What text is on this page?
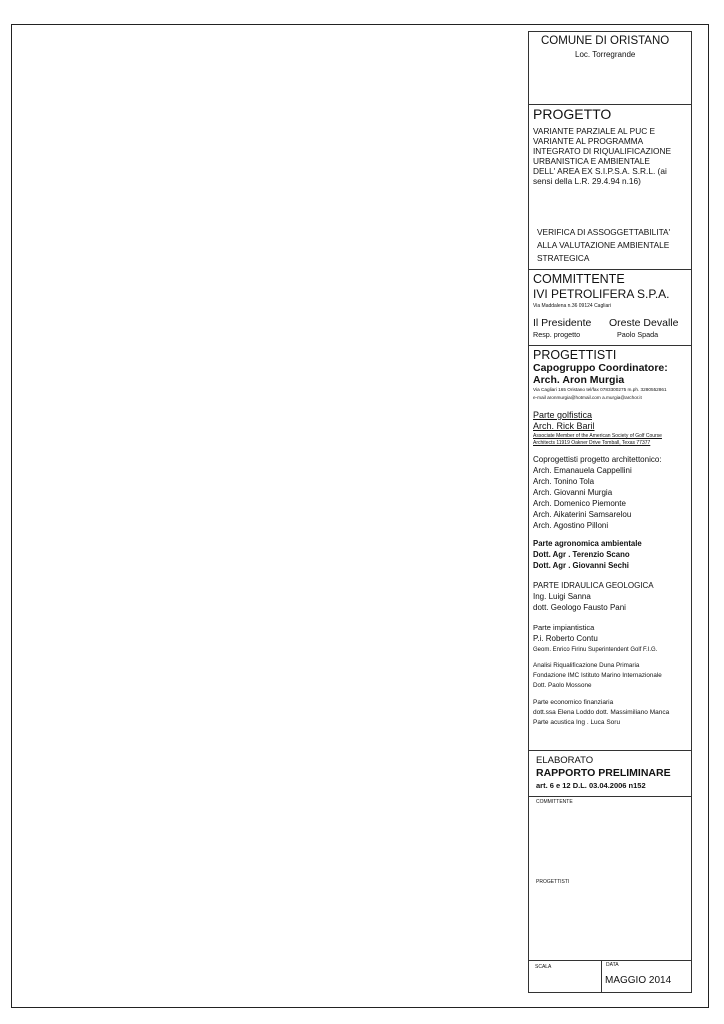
COMUNE DI ORISTANO
Loc. Torregrande
PROGETTO
VARIANTE PARZIALE AL PUC E
VARIANTE AL PROGRAMMA
INTEGRATO DI RIQUALIFICAZIONE
URBANISTICA E AMBIENTALE
DELL' AREA EX S.I.P.S.A. S.R.L. (ai
sensi della L.R. 29.4.94 n.16)
VERIFICA DI ASSOGGETTABILITA'
ALLA VALUTAZIONE AMBIENTALE
STRATEGICA
COMMITTENTE
IVI PETROLIFERA S.P.A.
Via Maddalena n.36 09124 Cagliari
Il Presidente Oreste Devalle
Resp. progetto	Paolo Spada
PROGETTISTI
Capogruppo Coordinatore:
Arch. Aron Murgia
Via Cagliari 165 Oristano tel/fax 0783300275 m.ph. 3280552861
e-mail aronmurgia@hotmail.com a.murgia@archor.it
Parte golfistica
Arch. Rick Baril
Associate Member of the American Society of Golf Course
Architects 11919 Oakner Drive Tomball, Texas 77377
Coprogettisti progetto architettonico:
Arch. Emanauela Cappellini
Arch. Tonino Tola
Arch. Giovanni Murgia
Arch. Domenico Piemonte
Arch. Aikaterini Samsarelou
Arch. Agostino Pilloni
Parte agronomica ambientale
Dott. Agr . Terenzio Scano
Dott. Agr . Giovanni Sechi
PARTE IDRAULICA GEOLOGICA
Ing. Luigi Sanna
dott. Geologo Fausto Pani
Parte impiantistica
P.i. Roberto Contu
Geom. Enrico Firinu Superintendent Golf F.I.G.
Analisi Riqualificazione Duna Primaria
Fondazione IMC Istituto Marino Internazionale
Dott. Paolo Mossone
Parte economico finanziaria
dott.ssa Elena Loddo dott. Massimiliano Manca
Parte acustica Ing . Luca Soru
ELABORATO
RAPPORTO PRELIMINARE
art. 6 e 12 D.L. 03.04.2006 n152
COMMITTENTE
PROGETTISTI
SCALA	DATA
MAGGIO 2014
